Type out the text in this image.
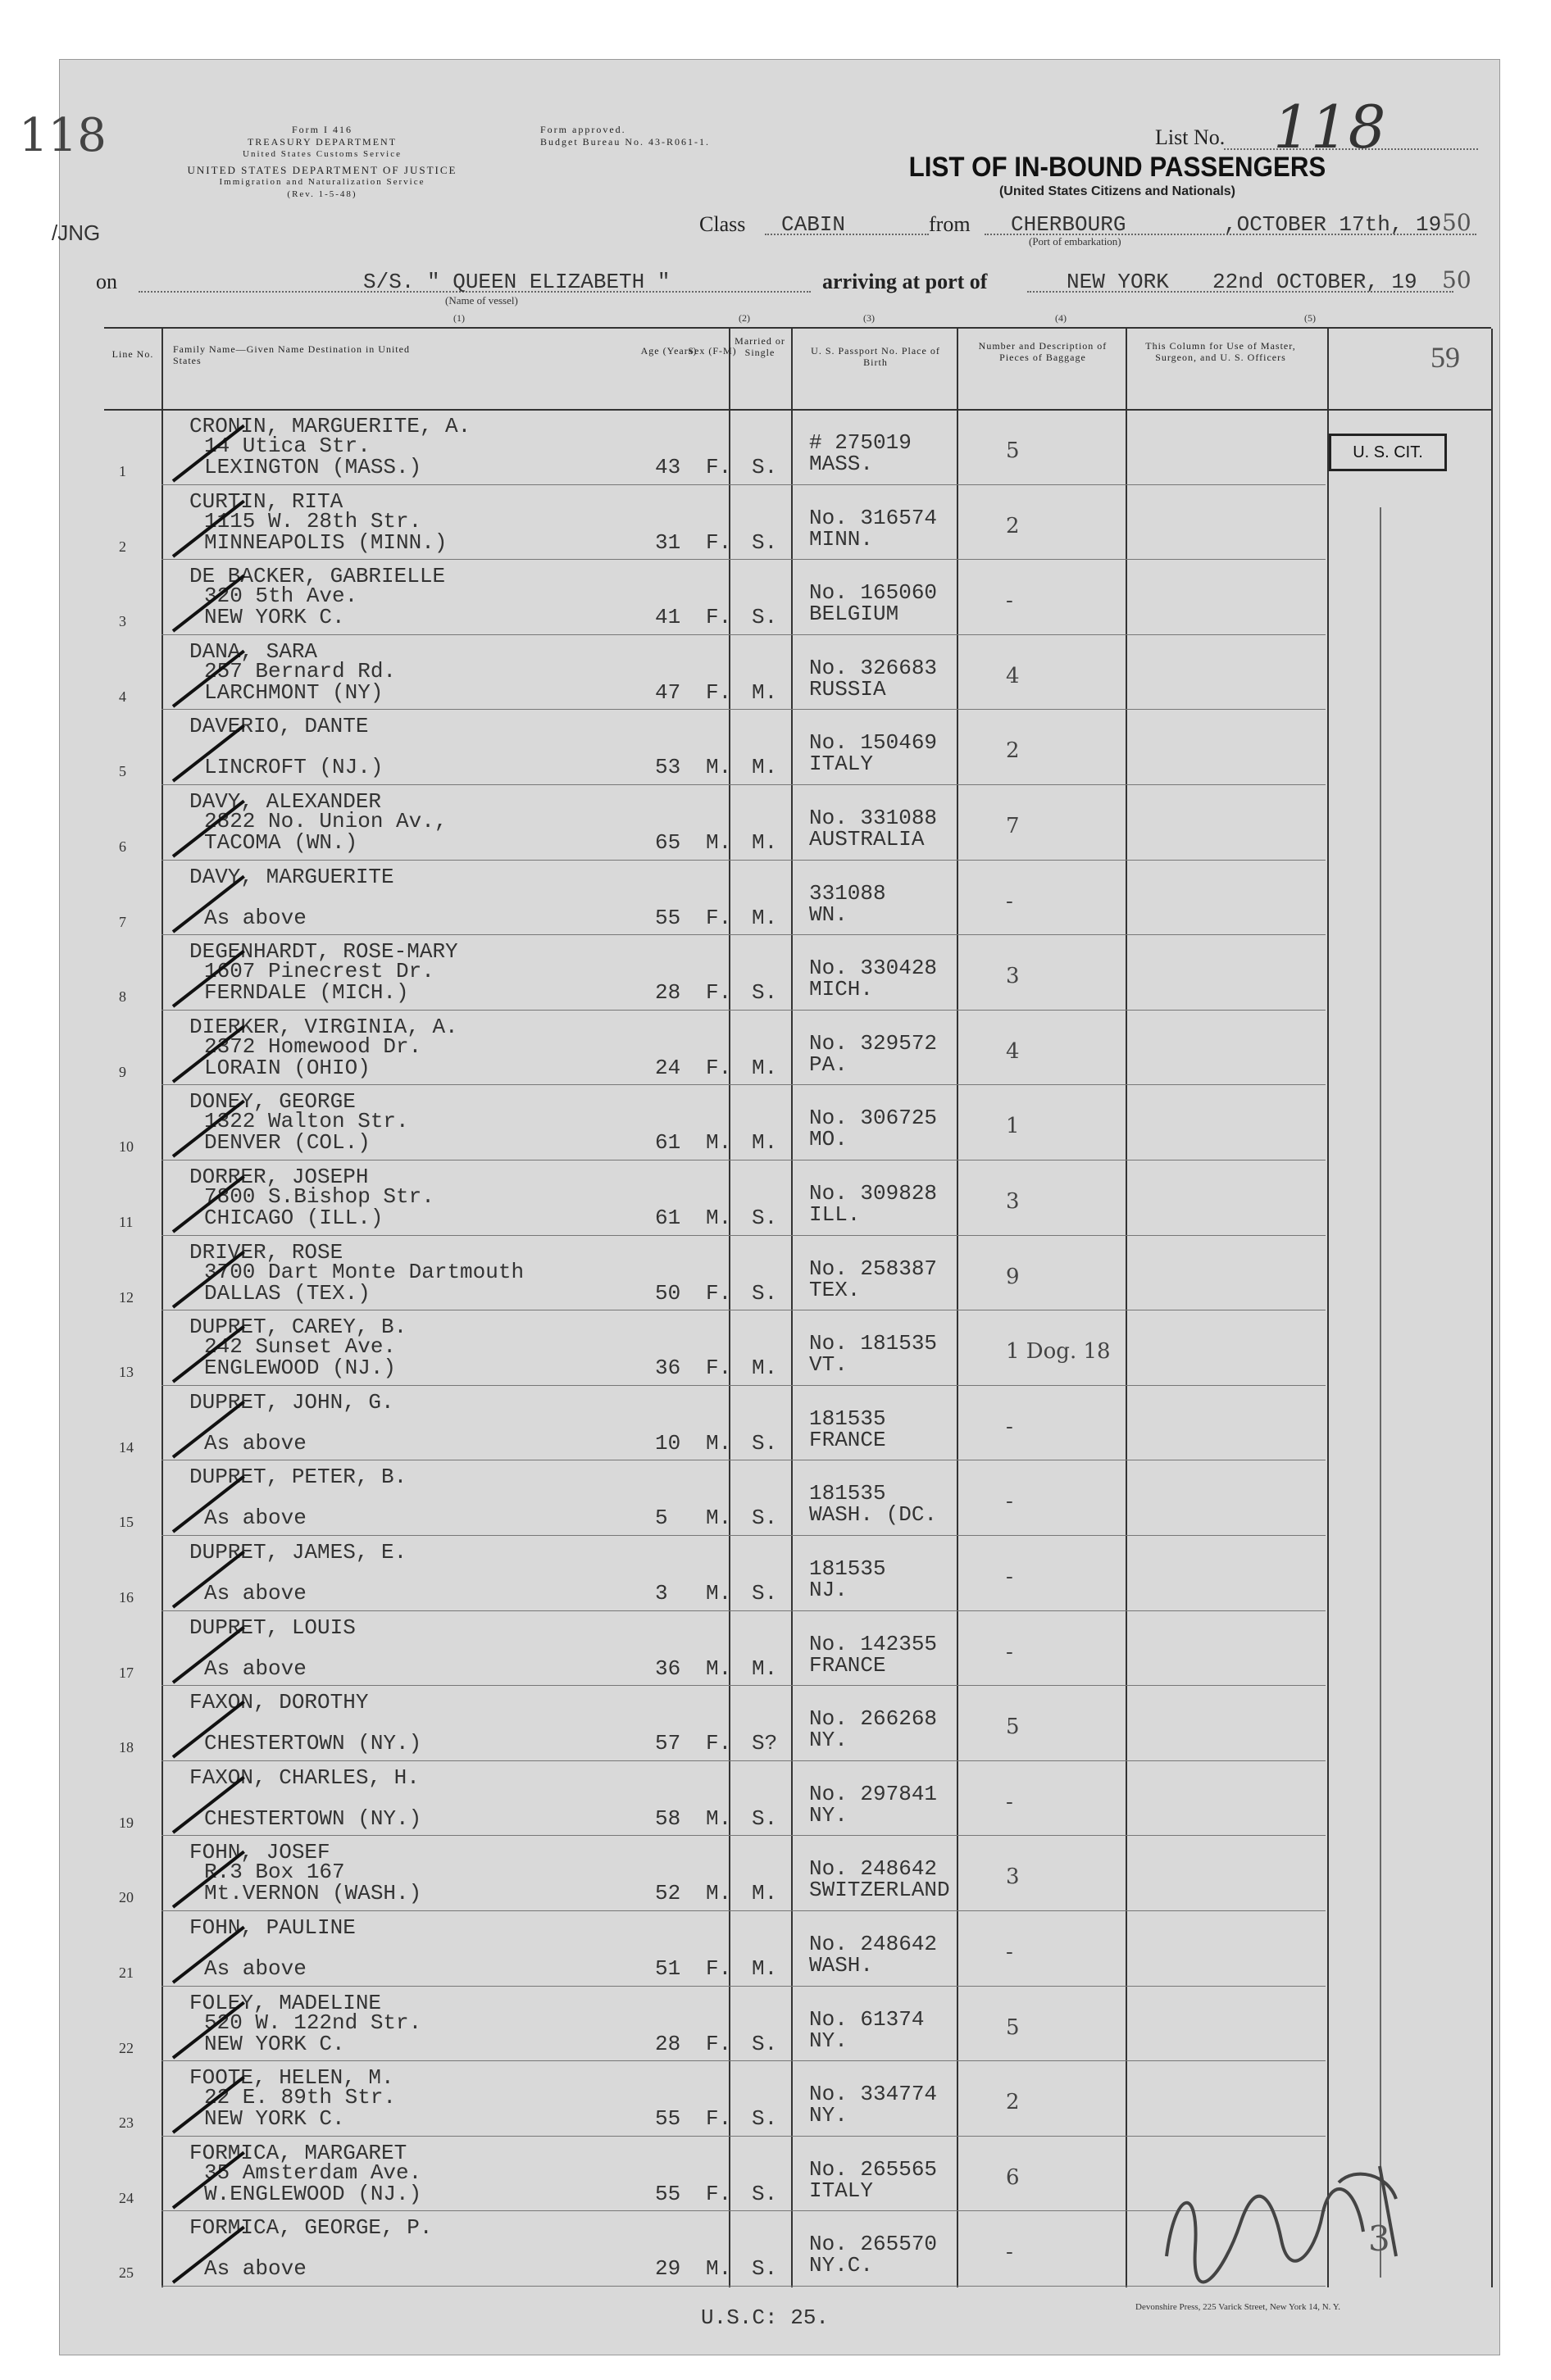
118
/JNG
Form I 416
TREASURY DEPARTMENT
United States Customs Service
UNITED STATES DEPARTMENT OF JUSTICE
Immigration and Naturalization Service
(Rev. 1-5-48)
Form approved.
Budget Bureau No. 43-R061-1.	List No. 118
LIST OF IN-BOUND PASSENGERS
(United States Citizens and Nationals)
Class CABIN	from CHERBOURG
(Port of embarkation)
,OCTOBER 17th, 19 50
on	S/S. " QUEEN ELIZABETH "
(Name of vessel)
arriving at port of	NEW YORK 22nd OCTOBER, 19 50
(1)	(2)	(3)	(4)	(5)
Line No.	Family Name—Given Name Destination in United States
Age (Years)
Sex (F-M)
Married or Single	U. S. Passport No. Place of Birth
Number and Description of Pieces of Baggage
This Column for Use of Master, Surgeon, and U. S. Officers	59
U. S. CIT.
1
CRONIN, MARGUERITE, A.
14 Utica Str.
LEXINGTON (MASS.)	43 F. S.
# 275019
MASS.
5
2
CURTIN, RITA
1115 W. 28th Str.
MINNEAPOLIS (MINN.)	31 F. S.
No. 316574
MINN.
2
3
DE BACKER, GABRIELLE
320 5th Ave.
NEW YORK C.	41 F. S.
No. 165060
BELGIUM
-
4
DANA, SARA
257 Bernard Rd.
LARCHMONT (NY)	47 F. M.
No. 326683
RUSSIA
4
5
DAVERIO, DANTE
LINCROFT (NJ.)	53 M. M.
No. 150469
ITALY
2
6
DAVY, ALEXANDER
2822 No. Union Av.,
TACOMA (WN.)	65 M. M.
No. 331088
AUSTRALIA
7
7
DAVY, MARGUERITE
As above	55 F. M.
331088
WN.
-
8
DEGENHARDT, ROSE-MARY
1607 Pinecrest Dr.
FERNDALE (MICH.)	28 F. S.
No. 330428
MICH.
3
9
DIERKER, VIRGINIA, A.
2372 Homewood Dr.
LORAIN (OHIO)	24 F. M.
No. 329572
PA.
4
10
DONEY, GEORGE
1322 Walton Str.
DENVER (COL.)	61 M. M.
No. 306725
MO.
1
11
DORRER, JOSEPH
7800 S.Bishop Str.
CHICAGO (ILL.)	61 M. S.
No. 309828
ILL.
3
12
DRIVER, ROSE
3700 Dart Monte Dartmouth
DALLAS (TEX.)	50 F. S.
No. 258387
TEX.
9
13
DUPRET, CAREY, B.
242 Sunset Ave.
ENGLEWOOD (NJ.)	36 F. M.
No. 181535
VT.
1 Dog. 18
14
DUPRET, JOHN, G.
As above	10 M. S.
181535
FRANCE
-
15
DUPRET, PETER, B.
As above	5 M. S.
181535
WASH. (DC.
-
16
DUPRET, JAMES, E.
As above	3 M. S.
181535
NJ.
-
17
DUPRET, LOUIS
As above	36 M. M.
No. 142355
FRANCE
-
18
FAXON, DOROTHY
CHESTERTOWN (NY.)	57 F. S?
No. 266268
NY.
5
19
FAXON, CHARLES, H.
CHESTERTOWN (NY.)	58 M. S.
No. 297841
NY.
-
20
FOHN, JOSEF
R.3 Box 167
Mt.VERNON (WASH.)	52 M. M.
No. 248642
SWITZERLAND
3
21
FOHN, PAULINE
As above	51 F. M.
No. 248642
WASH.
-
22
FOLEY, MADELINE
520 W. 122nd Str.
NEW YORK C.	28 F. S.
No. 61374
NY.
5
23
FOOTE, HELEN, M.
22 E. 89th Str.
NEW YORK C.	55 F. S.
No. 334774
NY.
2
24
FORMICA, MARGARET
35 Amsterdam Ave.
W.ENGLEWOOD (NJ.)	55 F. S.
No. 265565
ITALY
6
25
FORMICA, GEORGE, P.
As above	29 M. S.
No. 265570
NY.C.
-
U.S.C: 25.	Devonshire Press, 225 Varick Street, New York 14, N. Y.
3
